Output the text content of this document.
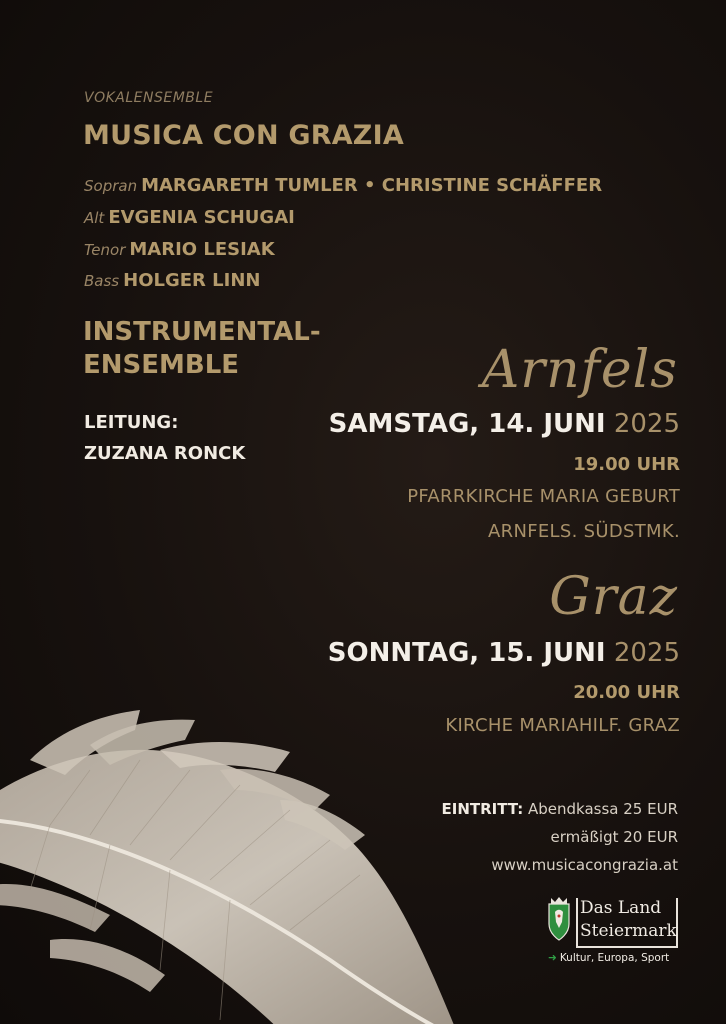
VOKALENSEMBLE
MUSICA CON GRAZIA
Sopran MARGARETH TUMLER • CHRISTINE SCHÄFFER
Alt EVGENIA SCHUGAI
Tenor MARIO LESIAK
Bass HOLGER LINN
INSTRUMENTAL-
ENSEMBLE
LEITUNG:
ZUZANA RONCK
Arnfels
SAMSTAG, 14. JUNI 2025
19.00 UHR
PFARRKIRCHE MARIA GEBURT
ARNFELS. SÜDSTMK.
Graz
SONNTAG, 15. JUNI 2025
20.00 UHR
KIRCHE MARIAHILF. GRAZ
EINTRITT: Abendkassa 25 EUR
ermäßigt 20 EUR
www.musicacongrazia.at
Das Land
Steiermark
➜ Kultur, Europa, Sport
